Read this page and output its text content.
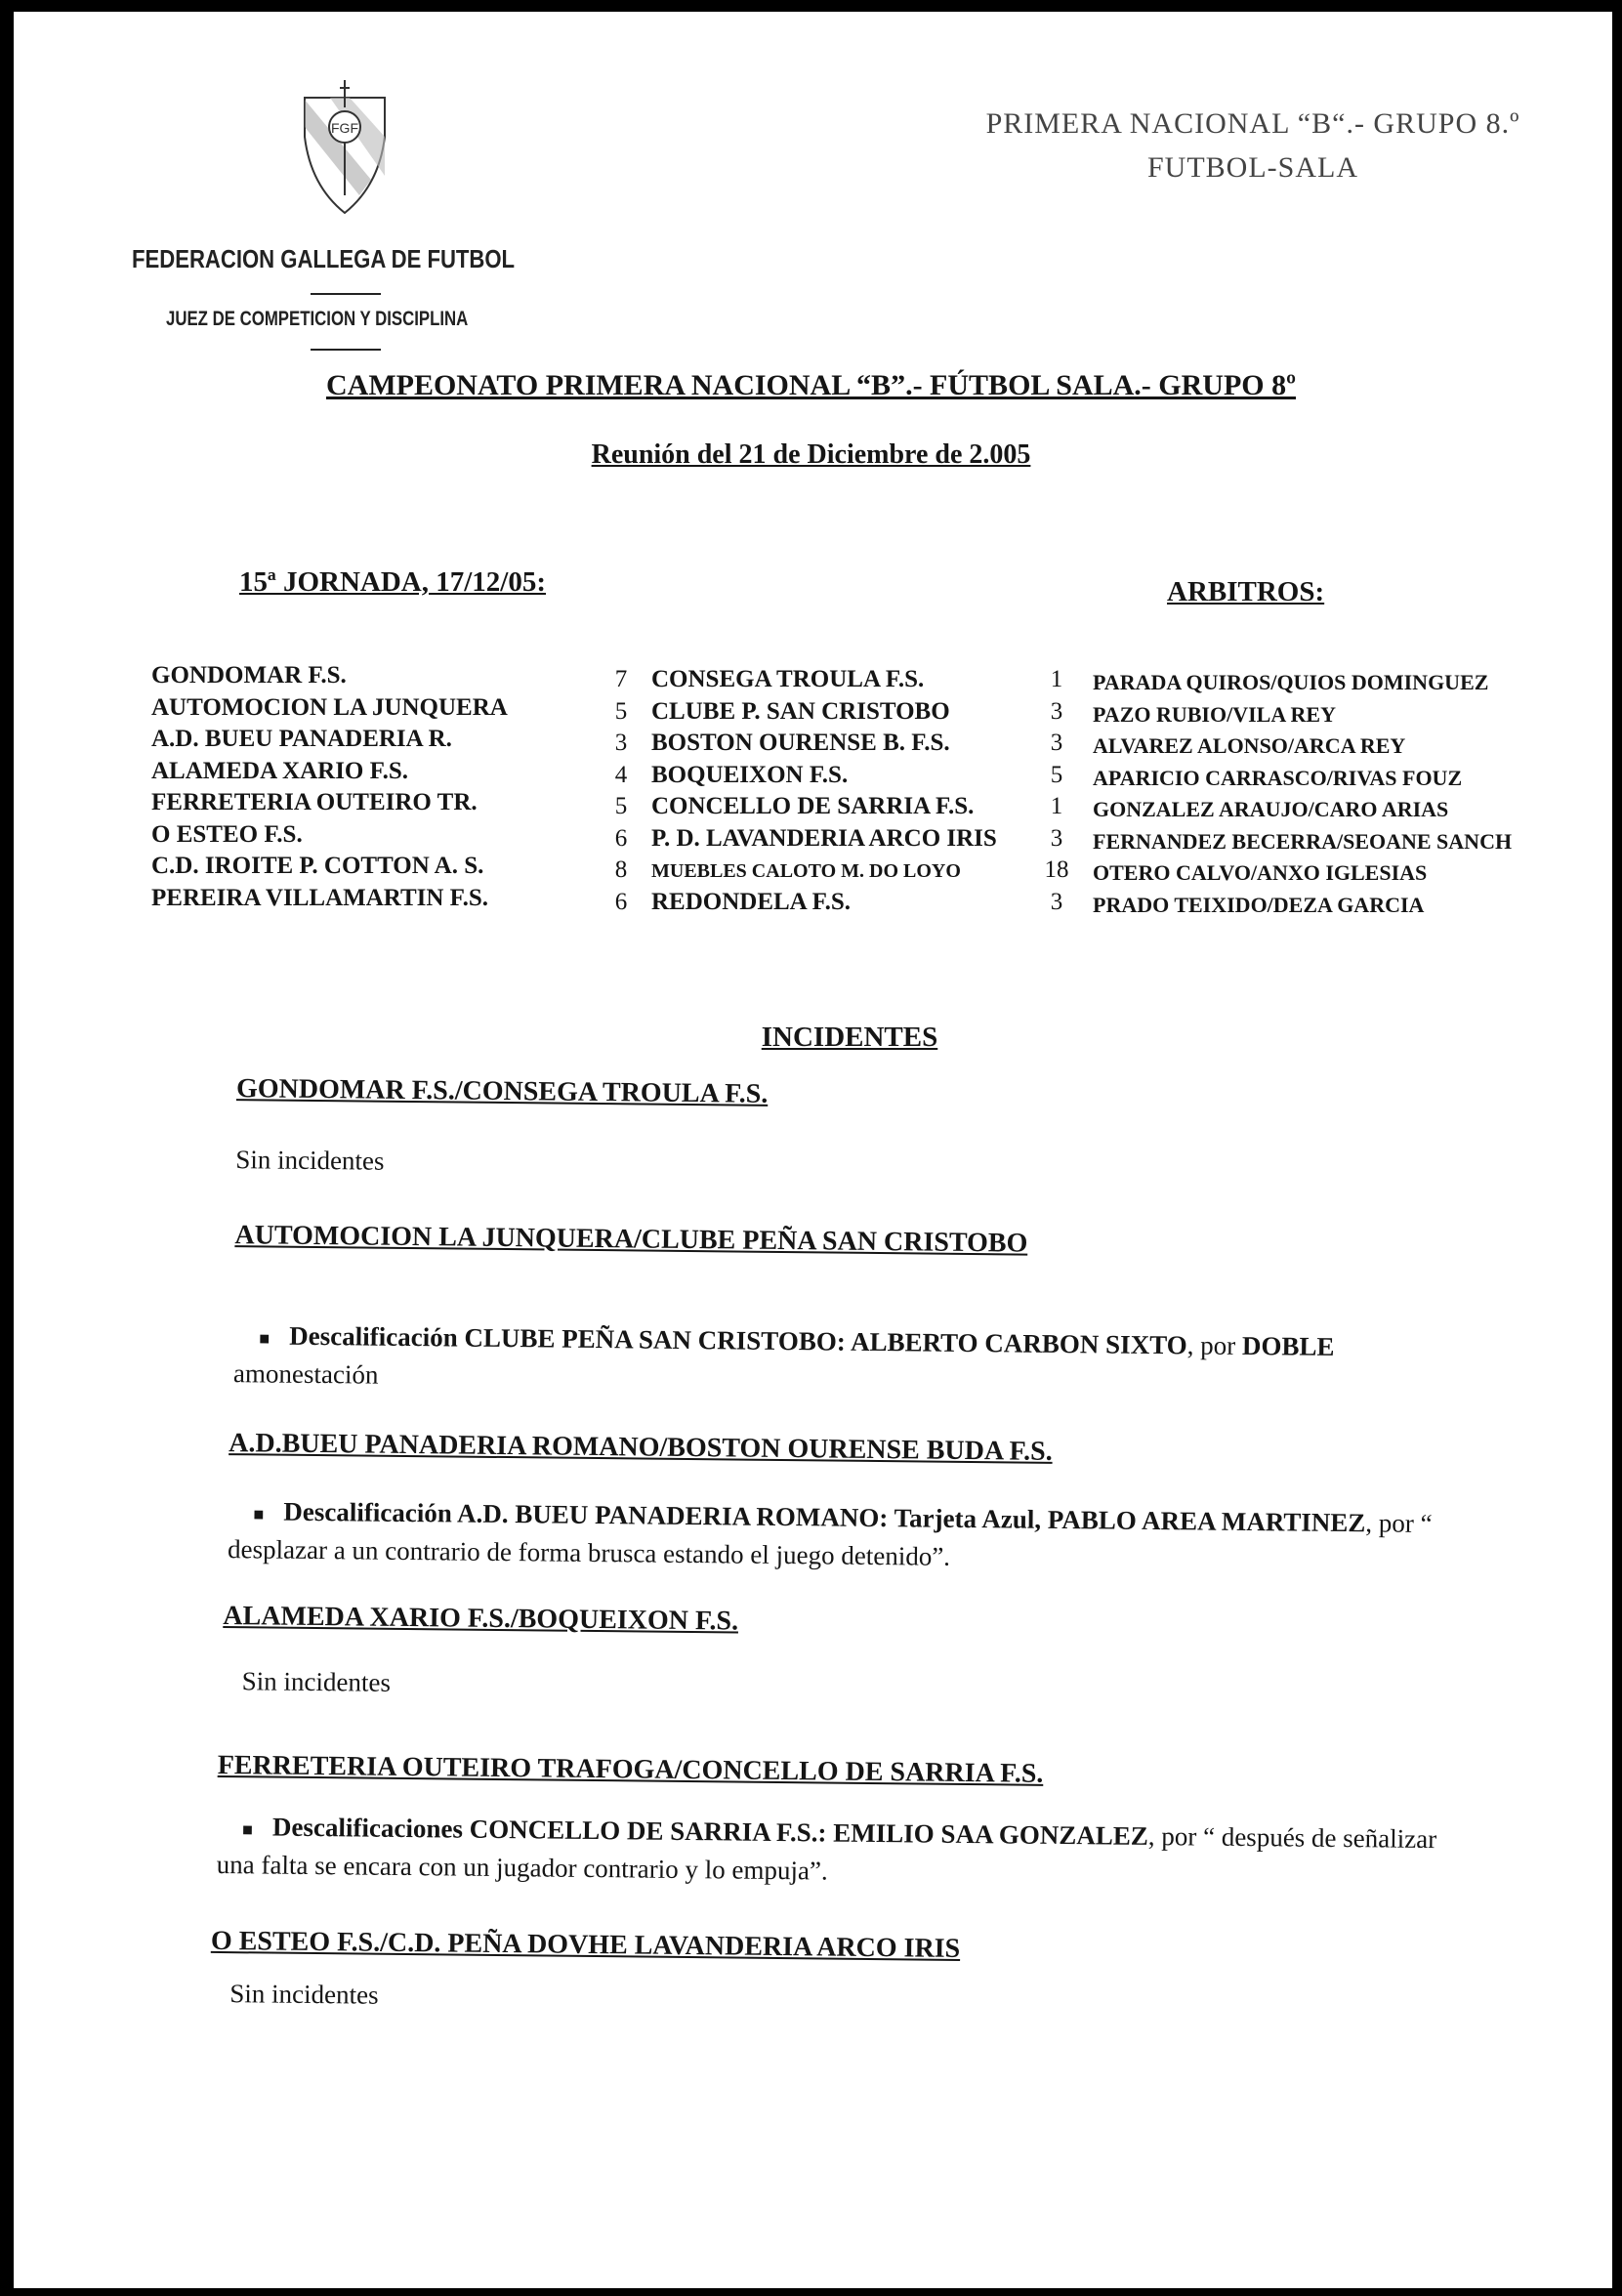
FGF	PRIMERA NACIONAL “B“.- GRUPO 8.º
FUTBOL-SALA
FEDERACION GALLEGA DE FUTBOL
JUEZ DE COMPETICION Y DISCIPLINA
CAMPEONATO PRIMERA NACIONAL “B”.- FÚTBOL SALA.- GRUPO 8º
Reunión del 21 de Diciembre de 2.005
15ª JORNADA, 17/12/05:	ARBITROS:
GONDOMAR F.S.	7 CONSEGA TROULA F.S.	1	PARADA QUIROS/QUIOS DOMINGUEZ
AUTOMOCION LA JUNQUERA	5 CLUBE P. SAN CRISTOBO	3	PAZO RUBIO/VILA REY
A.D. BUEU PANADERIA R.	3 BOSTON OURENSE B. F.S.	3	ALVAREZ ALONSO/ARCA REY
ALAMEDA XARIO F.S.	4 BOQUEIXON F.S.	5	APARICIO CARRASCO/RIVAS FOUZ
FERRETERIA OUTEIRO TR.	5 CONCELLO DE SARRIA F.S.	1	GONZALEZ ARAUJO/CARO ARIAS
O ESTEO F.S.	6 P. D. LAVANDERIA ARCO IRIS	3	FERNANDEZ BECERRA/SEOANE SANCH
C.D. IROITE P. COTTON A. S.	8	MUEBLES CALOTO M. DO LOYO	18 OTERO CALVO/ANXO IGLESIAS
PEREIRA VILLAMARTIN F.S.	6 REDONDELA F.S.	3	PRADO TEIXIDO/DEZA GARCIA
INCIDENTES
GONDOMAR F.S./CONSEGA TROULA F.S.
Sin incidentes
AUTOMOCION LA JUNQUERA/CLUBE PEÑA SAN CRISTOBO
■ Descalificación CLUBE PEÑA SAN CRISTOBO: ALBERTO CARBON SIXTO, por DOBLE amonestación
A.D.BUEU PANADERIA ROMANO/BOSTON OURENSE BUDA F.S.
■ Descalificación A.D. BUEU PANADERIA ROMANO: Tarjeta Azul, PABLO AREA MARTINEZ, por “ desplazar a un contrario de forma brusca estando el juego detenido”.
ALAMEDA XARIO F.S./BOQUEIXON F.S.
Sin incidentes
FERRETERIA OUTEIRO TRAFOGA/CONCELLO DE SARRIA F.S.
■ Descalificaciones CONCELLO DE SARRIA F.S.: EMILIO SAA GONZALEZ, por “ después de señalizar una falta se encara con un jugador contrario y lo empuja”.
O ESTEO F.S./C.D. PEÑA DOVHE LAVANDERIA ARCO IRIS
Sin incidentes
